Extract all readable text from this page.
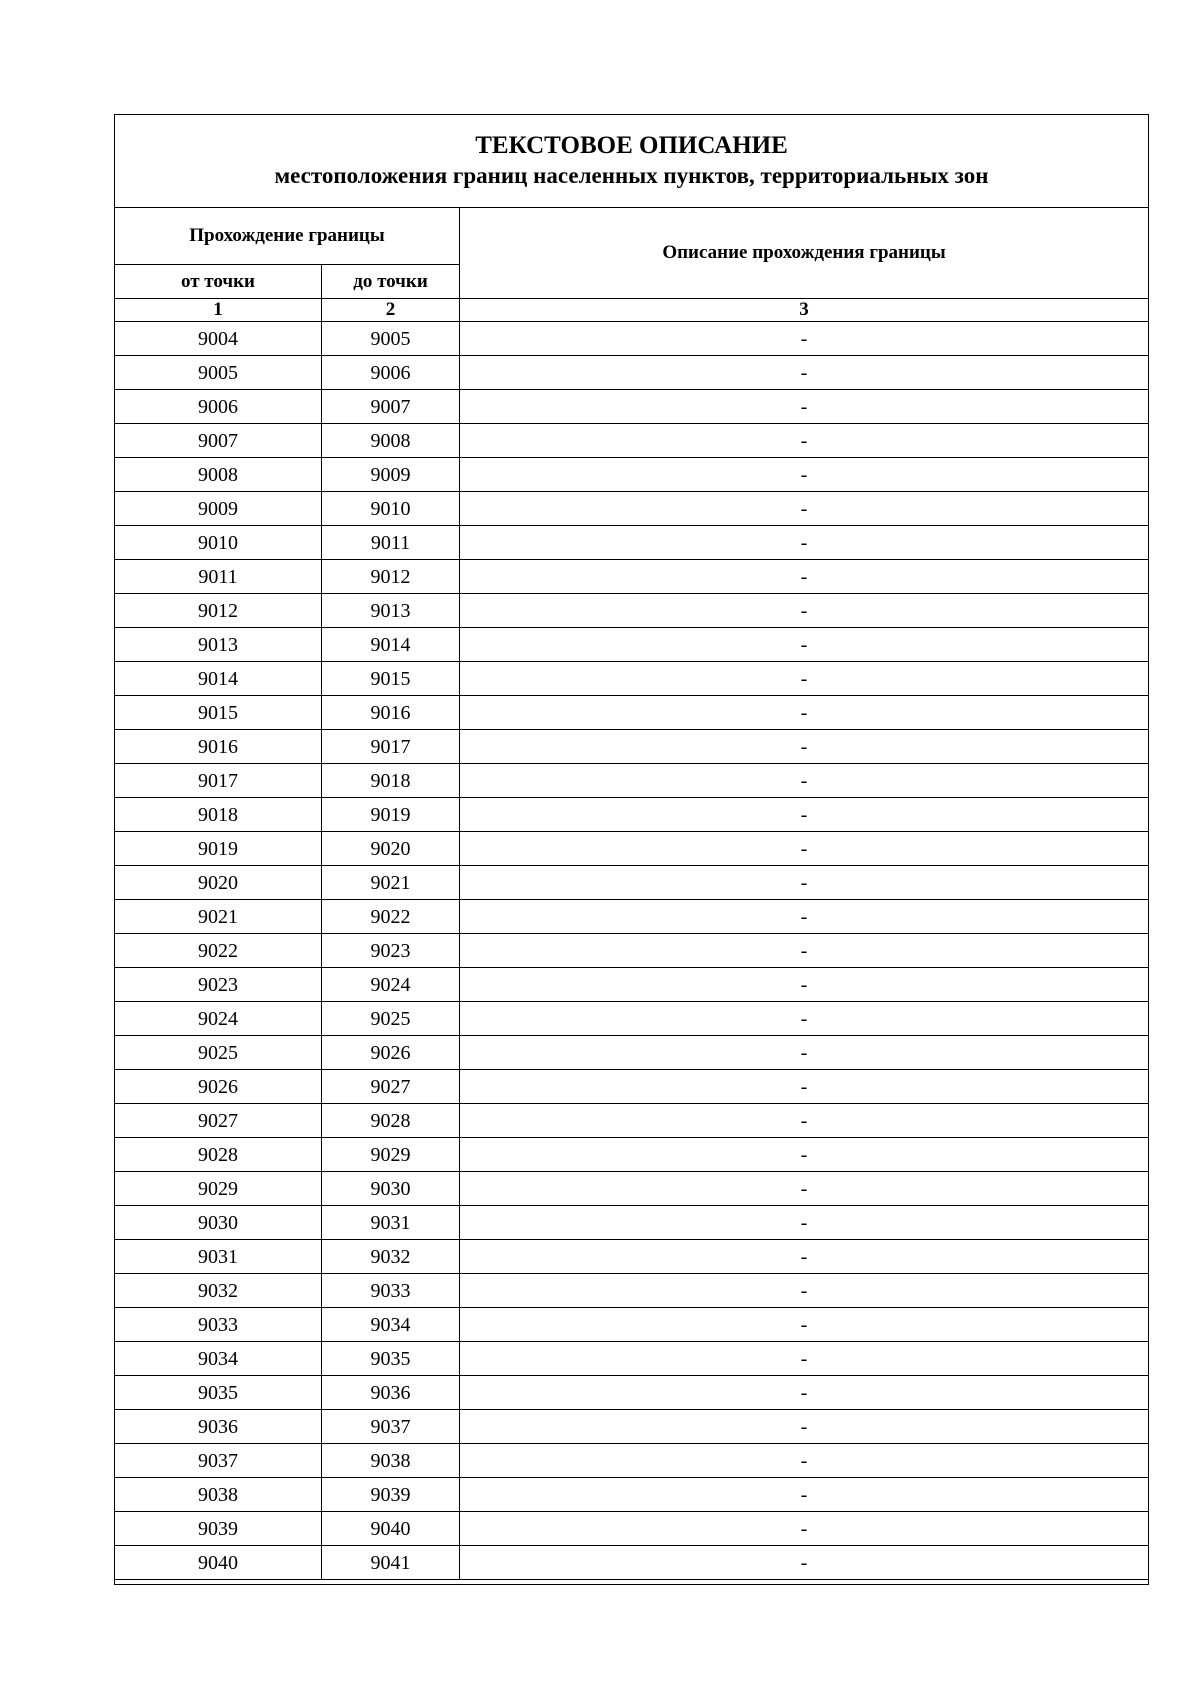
ТЕКСТОВОЕ ОПИСАНИЕ
местоположения границ населенных пунктов, территориальных зон		

Прохождение границы		Описание прохождения границы
от точки	до точки	
1	2	3
9004	9005	-
9005	9006	-
9006	9007	-
9007	9008	-
9008	9009	-
9009	9010	-
9010	9011	-
9011	9012	-
9012	9013	-
9013	9014	-
9014	9015	-
9015	9016	-
9016	9017	-
9017	9018	-
9018	9019	-
9019	9020	-
9020	9021	-
9021	9022	-
9022	9023	-
9023	9024	-
9024	9025	-
9025	9026	-
9026	9027	-
9027	9028	-
9028	9029	-
9029	9030	-
9030	9031	-
9031	9032	-
9032	9033	-
9033	9034	-
9034	9035	-
9035	9036	-
9036	9037	-
9037	9038	-
9038	9039	-
9039	9040	-
9040	9041	-
